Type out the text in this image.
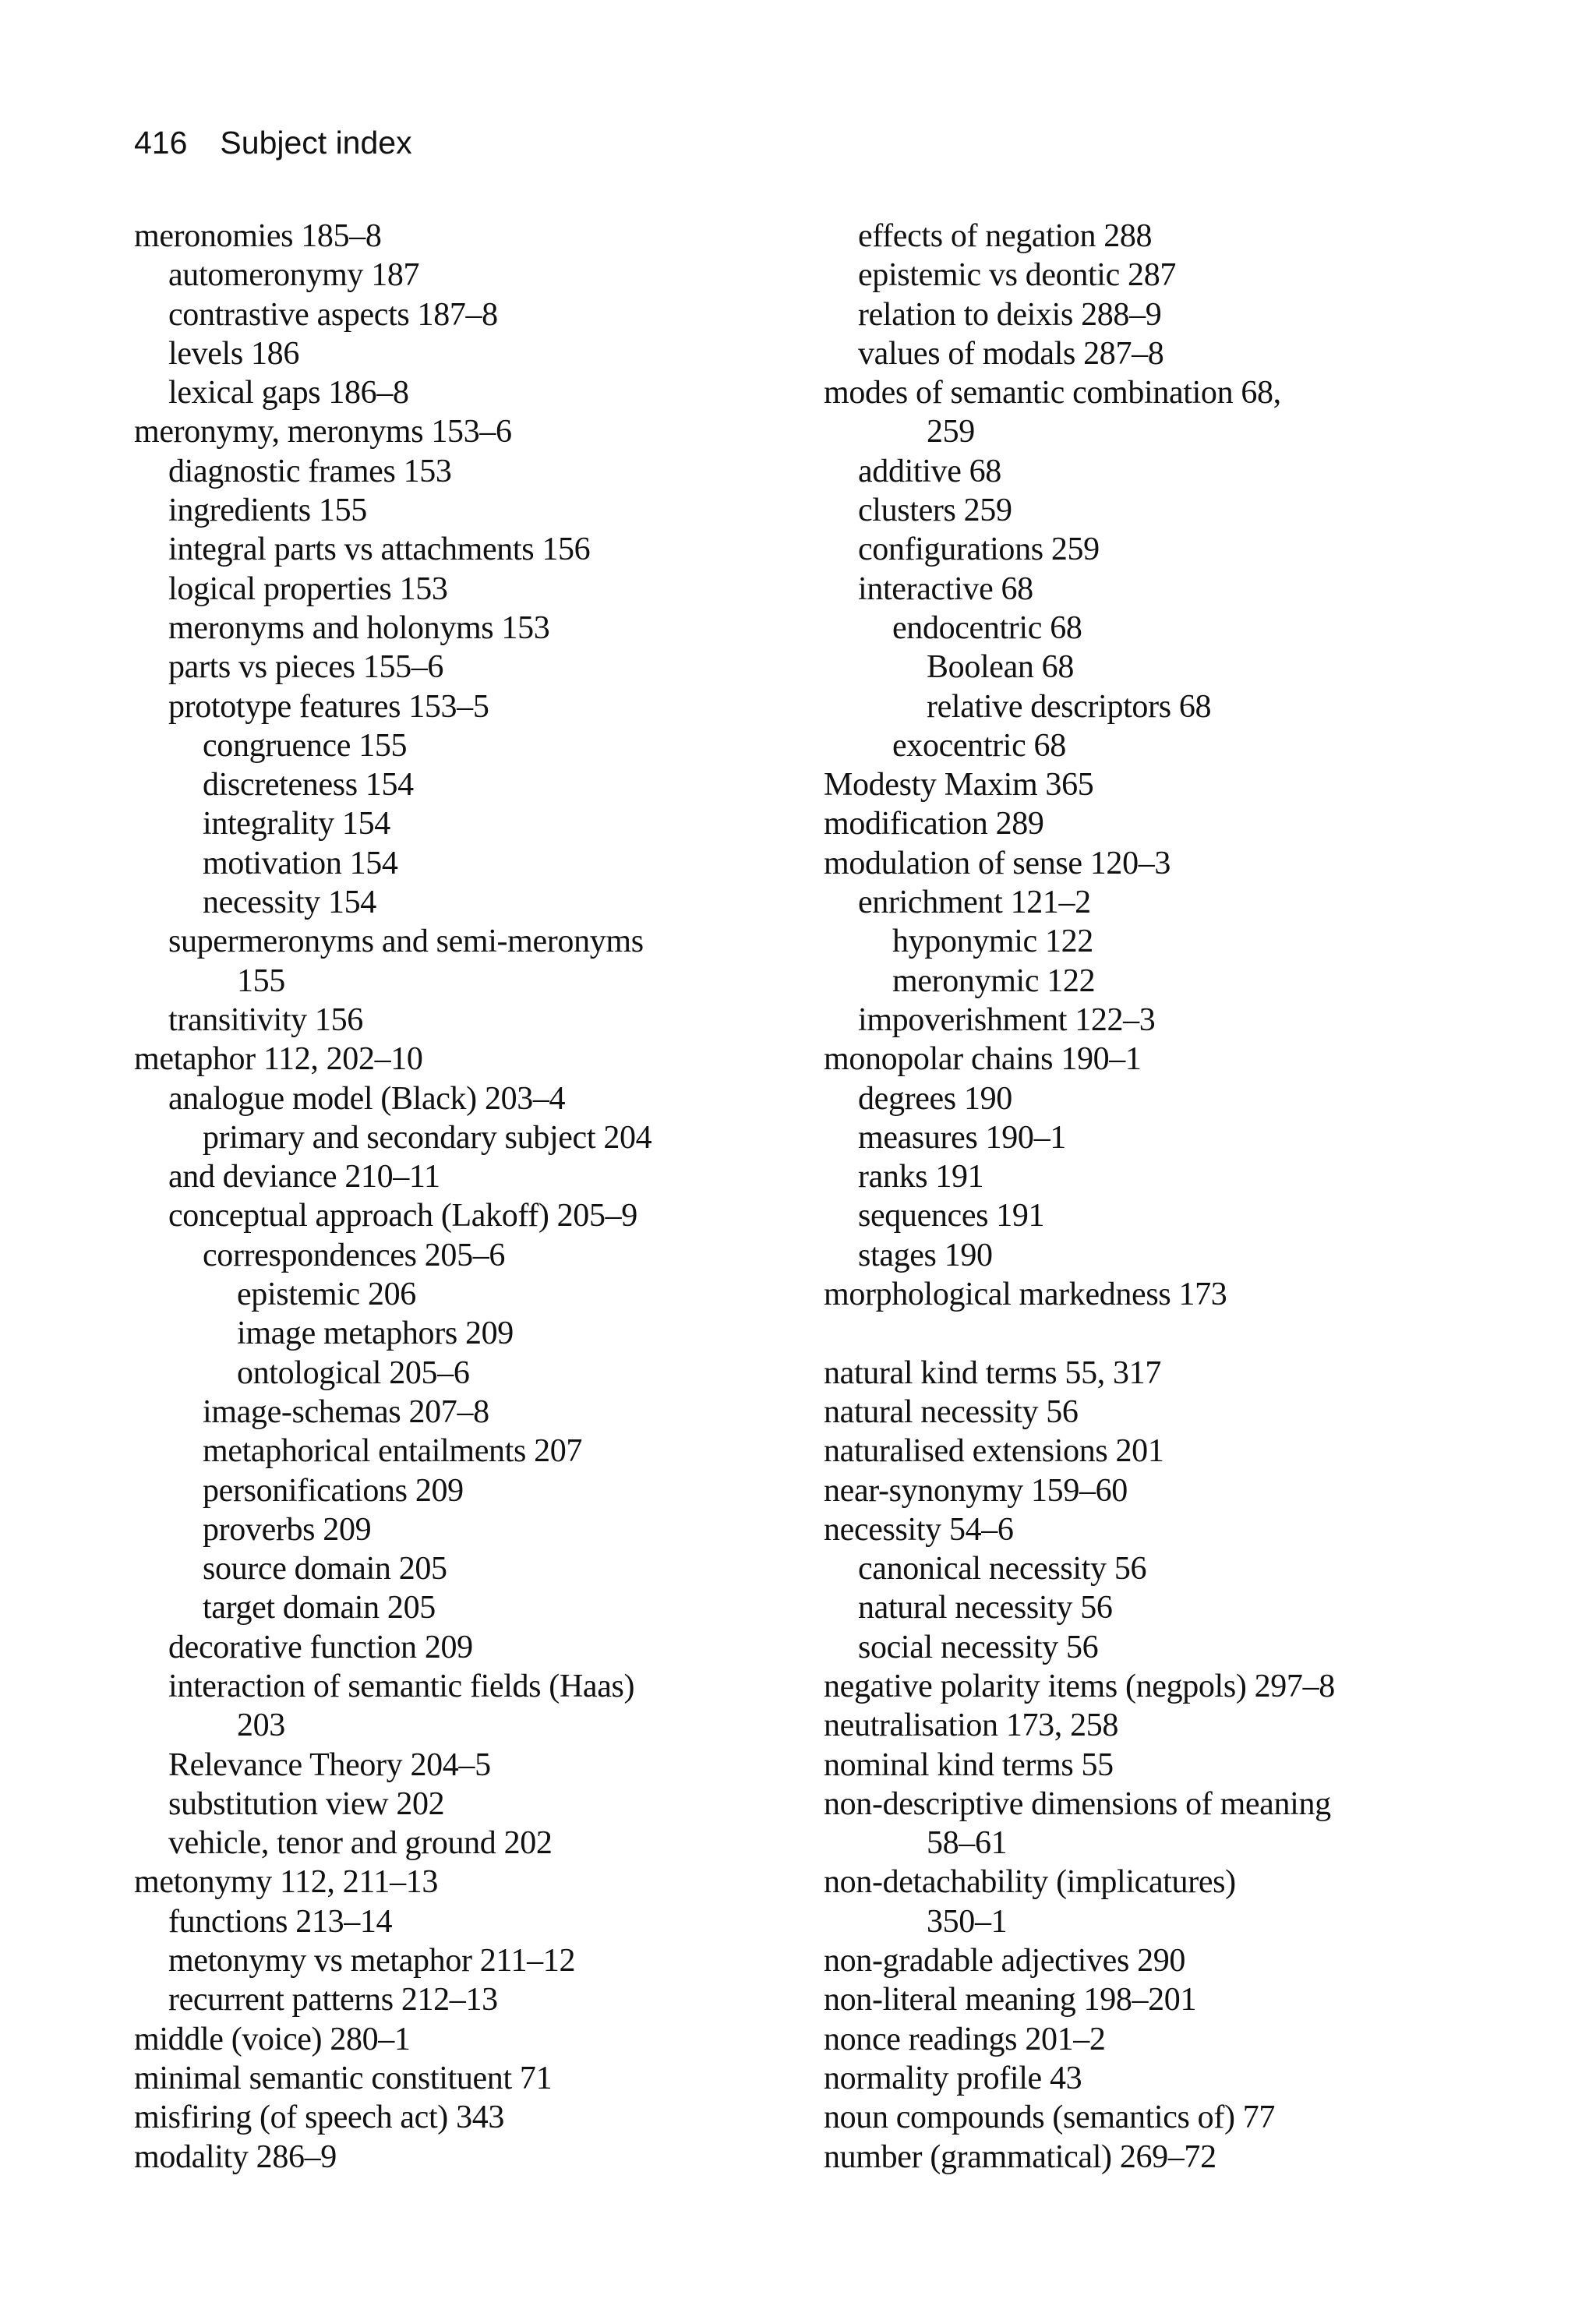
416 Subject index
meronomies 185–8
automeronymy 187
contrastive aspects 187–8
levels 186
lexical gaps 186–8
meronymy, meronyms 153–6
diagnostic frames 153
ingredients 155
integral parts vs attachments 156
logical properties 153
meronyms and holonyms 153
parts vs pieces 155–6
prototype features 153–5
congruence 155
discreteness 154
integrality 154
motivation 154
necessity 154
supermeronyms and semi-meronyms
155
transitivity 156
metaphor 112, 202–10
analogue model (Black) 203–4
primary and secondary subject 204
and deviance 210–11
conceptual approach (Lakoff) 205–9
correspondences 205–6
epistemic 206
image metaphors 209
ontological 205–6
image-schemas 207–8
metaphorical entailments 207
personifications 209
proverbs 209
source domain 205
target domain 205
decorative function 209
interaction of semantic fields (Haas)
203
Relevance Theory 204–5
substitution view 202
vehicle, tenor and ground 202
metonymy 112, 211–13
functions 213–14
metonymy vs metaphor 211–12
recurrent patterns 212–13
middle (voice) 280–1
minimal semantic constituent 71
misfiring (of speech act) 343
modality 286–9
effects of negation 288
epistemic vs deontic 287
relation to deixis 288–9
values of modals 287–8
modes of semantic combination 68,
259
additive 68
clusters 259
configurations 259
interactive 68
endocentric 68
Boolean 68
relative descriptors 68
exocentric 68
Modesty Maxim 365
modification 289
modulation of sense 120–3
enrichment 121–2
hyponymic 122
meronymic 122
impoverishment 122–3
monopolar chains 190–1
degrees 190
measures 190–1
ranks 191
sequences 191
stages 190
morphological markedness 173
natural kind terms 55, 317
natural necessity 56
naturalised extensions 201
near-synonymy 159–60
necessity 54–6
canonical necessity 56
natural necessity 56
social necessity 56
negative polarity items (negpols) 297–8
neutralisation 173, 258
nominal kind terms 55
non-descriptive dimensions of meaning
58–61
non-detachability (implicatures)
350–1
non-gradable adjectives 290
non-literal meaning 198–201
nonce readings 201–2
normality profile 43
noun compounds (semantics of) 77
number (grammatical) 269–72
